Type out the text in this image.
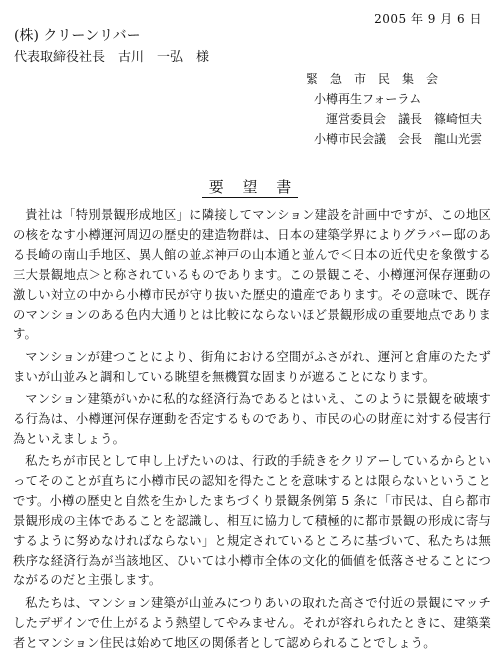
2005 年 9 月 6 日
(株) クリーンリバー
代表取締役社長　古川　一弘　様
緊　急　市　民　集　会
小樽再生フォーラム
運営委員会　議長　篠崎恒夫
小樽市民会議　会長　龍山光雲
要 望 書

貴社は「特別景観形成地区」に隣接してマンション建設を計画中ですが、この地区の核をなす小樽運河周辺の歴史的建造物群は、日本の建築学界によりグラバー邸のある長崎の南山手地区、異人館の並ぶ神戸の山本通と並んで＜日本の近代史を象徴する三大景観地点＞と称されているものであります。この景観こそ、小樽運河保存運動の激しい対立の中から小樽市民が守り抜いた歴史的遺産であります。その意味で、既存のマンションのある色内大通りとは比較にならないほど景観形成の重要地点であります。

マンションが建つことにより、街角における空間がふさがれ、運河と倉庫のたたずまいが山並みと調和している眺望を無機質な固まりが遮ることになります。

マンション建築がいかに私的な経済行為であるとはいえ、このように景観を破壊する行為は、小樽運河保存運動を否定するものであり、市民の心の財産に対する侵害行為といえましょう。

私たちが市民として申し上げたいのは、行政的手続きをクリアーしているからといってそのことが直ちに小樽市民の認知を得たことを意味するとは限らないということです。小樽の歴史と自然を生かしたまちづくり景観条例第 5 条に「市民は、自ら都市景観形成の主体であることを認識し、相互に協力して積極的に都市景観の形成に寄与するように努めなければならない」と規定されているところに基づいて、私たちは無秩序な経済行為が当該地区、ひいては小樽市全体の文化的価値を低落させることにつながるのだと主張します。

私たちは、マンション建築が山並みにつりあいの取れた高さで付近の景観にマッチしたデザインで仕上がるよう熱望してやみません。それが容れられたときに、建築業者とマンション住民は始めて地区の関係者として認められることでしょう。
